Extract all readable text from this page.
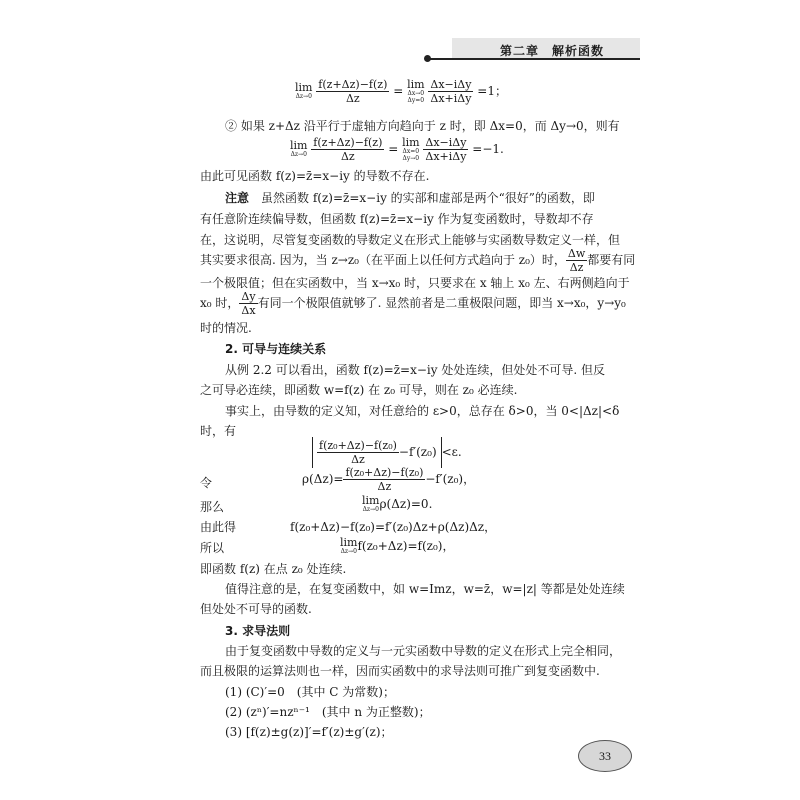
第二章　解析函数
lim
Δz→0
$\frac{f(z+\Delta z)-f(z)}{\Delta z} = \lim$
Δx→0
Δy=0
$\frac{\text{Δx−iΔy}}{\text{Δx+iΔy}} =1$；
② 如果 z+Δz 沿平行于虚轴方向趋向于 z 时，即 Δx=0，而 Δy→0，则有
lim
Δz→0
$\frac{f(z+\Delta z)-f(z)}{\Delta z} = \lim$
Δx=0
Δy→0
$\frac{\text{Δx−iΔy}}{\text{Δx+iΔy}} =-1$.
由此可见函数 f(z)=z̄=x−iy 的导数不存在.
注意　 虽然函数 f(z)=z̄=x−iy 的实部和虚部是两个“很好”的函数，即
有任意阶连续偏导数，但函数 f(z)=z̄=x−iy 作为复变函数时，导数却不存
在，这说明，尽管复变函数的导数定义在形式上能够与实函数导数定义一样，但
其实要求很高. 因为，当 z→z₀（在平面上以任何方式趋向于 z₀）时， $\frac{\Delta w}{\Delta z}$ 都要有同
一个极限值；但在实函数中，当 x→x₀ 时，只要求在 x 轴上 x₀ 左、右两侧趋向于
x₀ 时， $\frac{\Delta y}{\Delta x}$ 有同一个极限值就够了. 显然前者是二重极限问题，即当 x→x₀，y→y₀
时的情况.
2. 可导与连续关系
从例 2.2 可以看出，函数 f(z)=z̄=x−iy 处处连续，但处处不可导. 但反
之可导必连续，即函数 w=f(z) 在 z₀ 可导，则在 z₀ 必连续.
事实上，由导数的定义知，对任意给的 ε>0，总存在 δ>0，当 0<|Δz|<δ
时，有
$\frac{\text{f(z₀+Δz)−f(z₀)}}{\Delta z} -f'(z_0) <\varepsilon$.
令	$\rho(\Delta z)= \frac{\text{f(z₀+Δz)−f(z₀)}}{\Delta z} -f'(z_0)$，
那么	lim
Δz→0 ρ(Δz)=0.
由此得	f(z₀+Δz)−f(z₀)=f′(z₀)Δz+ρ(Δz)Δz，
所以	lim
Δz→0 f(z₀+Δz)=f(z₀)，
即函数 f(z) 在点 z₀ 处连续.
值得注意的是，在复变函数中，如 w=Imz，w=z̄，w=|z| 等都是处处连续
但处处不可导的函数.
3. 求导法则
由于复变函数中导数的定义与一元实函数中导数的定义在形式上完全相同，
而且极限的运算法则也一样，因而实函数中的求导法则可推广到复变函数中.
(1) (C)′=0　(其中 C 为常数)；
(2) (zⁿ)′=nzⁿ⁻¹　(其中 n 为正整数)；
(3) [f(z)±g(z)]′=f′(z)±g′(z)；
33
